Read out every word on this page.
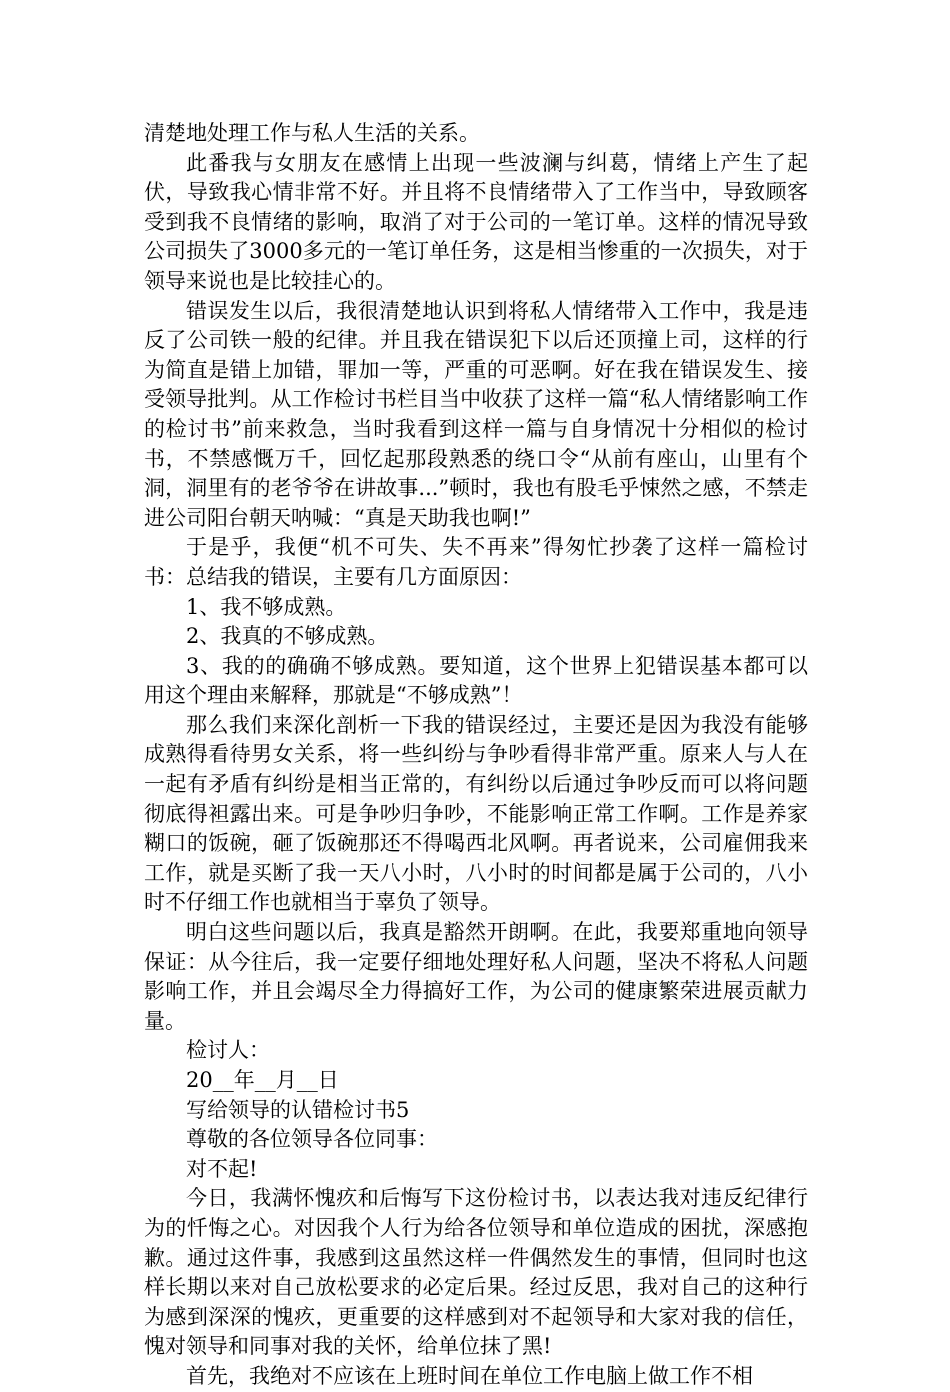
清楚地处理工作与私人生活的关系。

此番我与女朋友在感情上出现一些波澜与纠葛，情绪上产生了起伏，导致我心情非常不好。并且将不良情绪带入了工作当中，导致顾客受到我不良情绪的影响，取消了对于公司的一笔订单。这样的情况导致公司损失了3000多元的一笔订单任务，这是相当惨重的一次损失，对于领导来说也是比较挂心的。

错误发生以后，我很清楚地认识到将私人情绪带入工作中，我是违反了公司铁一般的纪律。并且我在错误犯下以后还顶撞上司，这样的行为简直是错上加错，罪加一等，严重的可恶啊。好在我在错误发生、接受领导批判。从工作检讨书栏目当中收获了这样一篇“私人情绪影响工作的检讨书”前来救急，当时我看到这样一篇与自身情况十分相似的检讨书，不禁感慨万千，回忆起那段熟悉的绕口令“从前有座山，山里有个洞，洞里有的老爷爷在讲故事...”顿时，我也有股毛乎悚然之感，不禁走进公司阳台朝天呐喊：“真是天助我也啊!”

于是乎，我便“机不可失、失不再来”得匆忙抄袭了这样一篇检讨书：总结我的错误，主要有几方面原因：

1、我不够成熟。

2、我真的不够成熟。

3、我的的确确不够成熟。要知道，这个世界上犯错误基本都可以用这个理由来解释，那就是“不够成熟”！

那么我们来深化剖析一下我的错误经过，主要还是因为我没有能够成熟得看待男女关系，将一些纠纷与争吵看得非常严重。原来人与人在一起有矛盾有纠纷是相当正常的，有纠纷以后通过争吵反而可以将问题彻底得袒露出来。可是争吵归争吵，不能影响正常工作啊。工作是养家糊口的饭碗，砸了饭碗那还不得喝西北风啊。再者说来，公司雇佣我来工作，就是买断了我一天八小时，八小时的时间都是属于公司的，八小时不仔细工作也就相当于辜负了领导。

明白这些问题以后，我真是豁然开朗啊。在此，我要郑重地向领导保证：从今往后，我一定要仔细地处理好私人问题，坚决不将私人问题影响工作，并且会竭尽全力得搞好工作，为公司的健康繁荣进展贡献力量。

检讨人：

20__年__月__日

写给领导的认错检讨书5

尊敬的各位领导各位同事：

对不起!

今日，我满怀愧疚和后悔写下这份检讨书，以表达我对违反纪律行为的忏悔之心。对因我个人行为给各位领导和单位造成的困扰，深感抱歉。通过这件事，我感到这虽然这样一件偶然发生的事情，但同时也这样长期以来对自己放松要求的必定后果。经过反思，我对自己的这种行为感到深深的愧疚，更重要的这样感到对不起领导和大家对我的信任，愧对领导和同事对我的关怀，给单位抹了黑!

首先，我绝对不应该在上班时间在单位工作电脑上做工作不相
